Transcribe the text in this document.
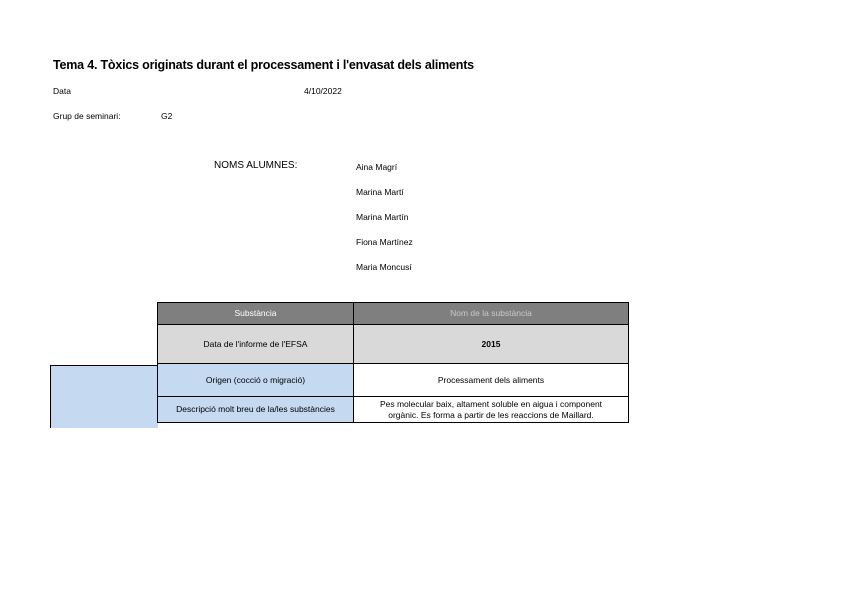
Tema 4. Tòxics originats durant el processament i l'envasat dels aliments
Data	4/10/2022
Grup de seminari:	G2
NOMS ALUMNES:	Aina Magrí
Marina Martí
Marina Martín
Fiona Martínez
Maria Moncusí
Substància	Nom de la substància
Data de l'informe de l'EFSA	2015
Origen (cocció o migració)	Processament dels aliments
Descripció molt breu de la/les substàncies	Pes molecular baix, altament soluble en aigua i component
orgànic. Es forma a partir de les reaccions de Maillard.
